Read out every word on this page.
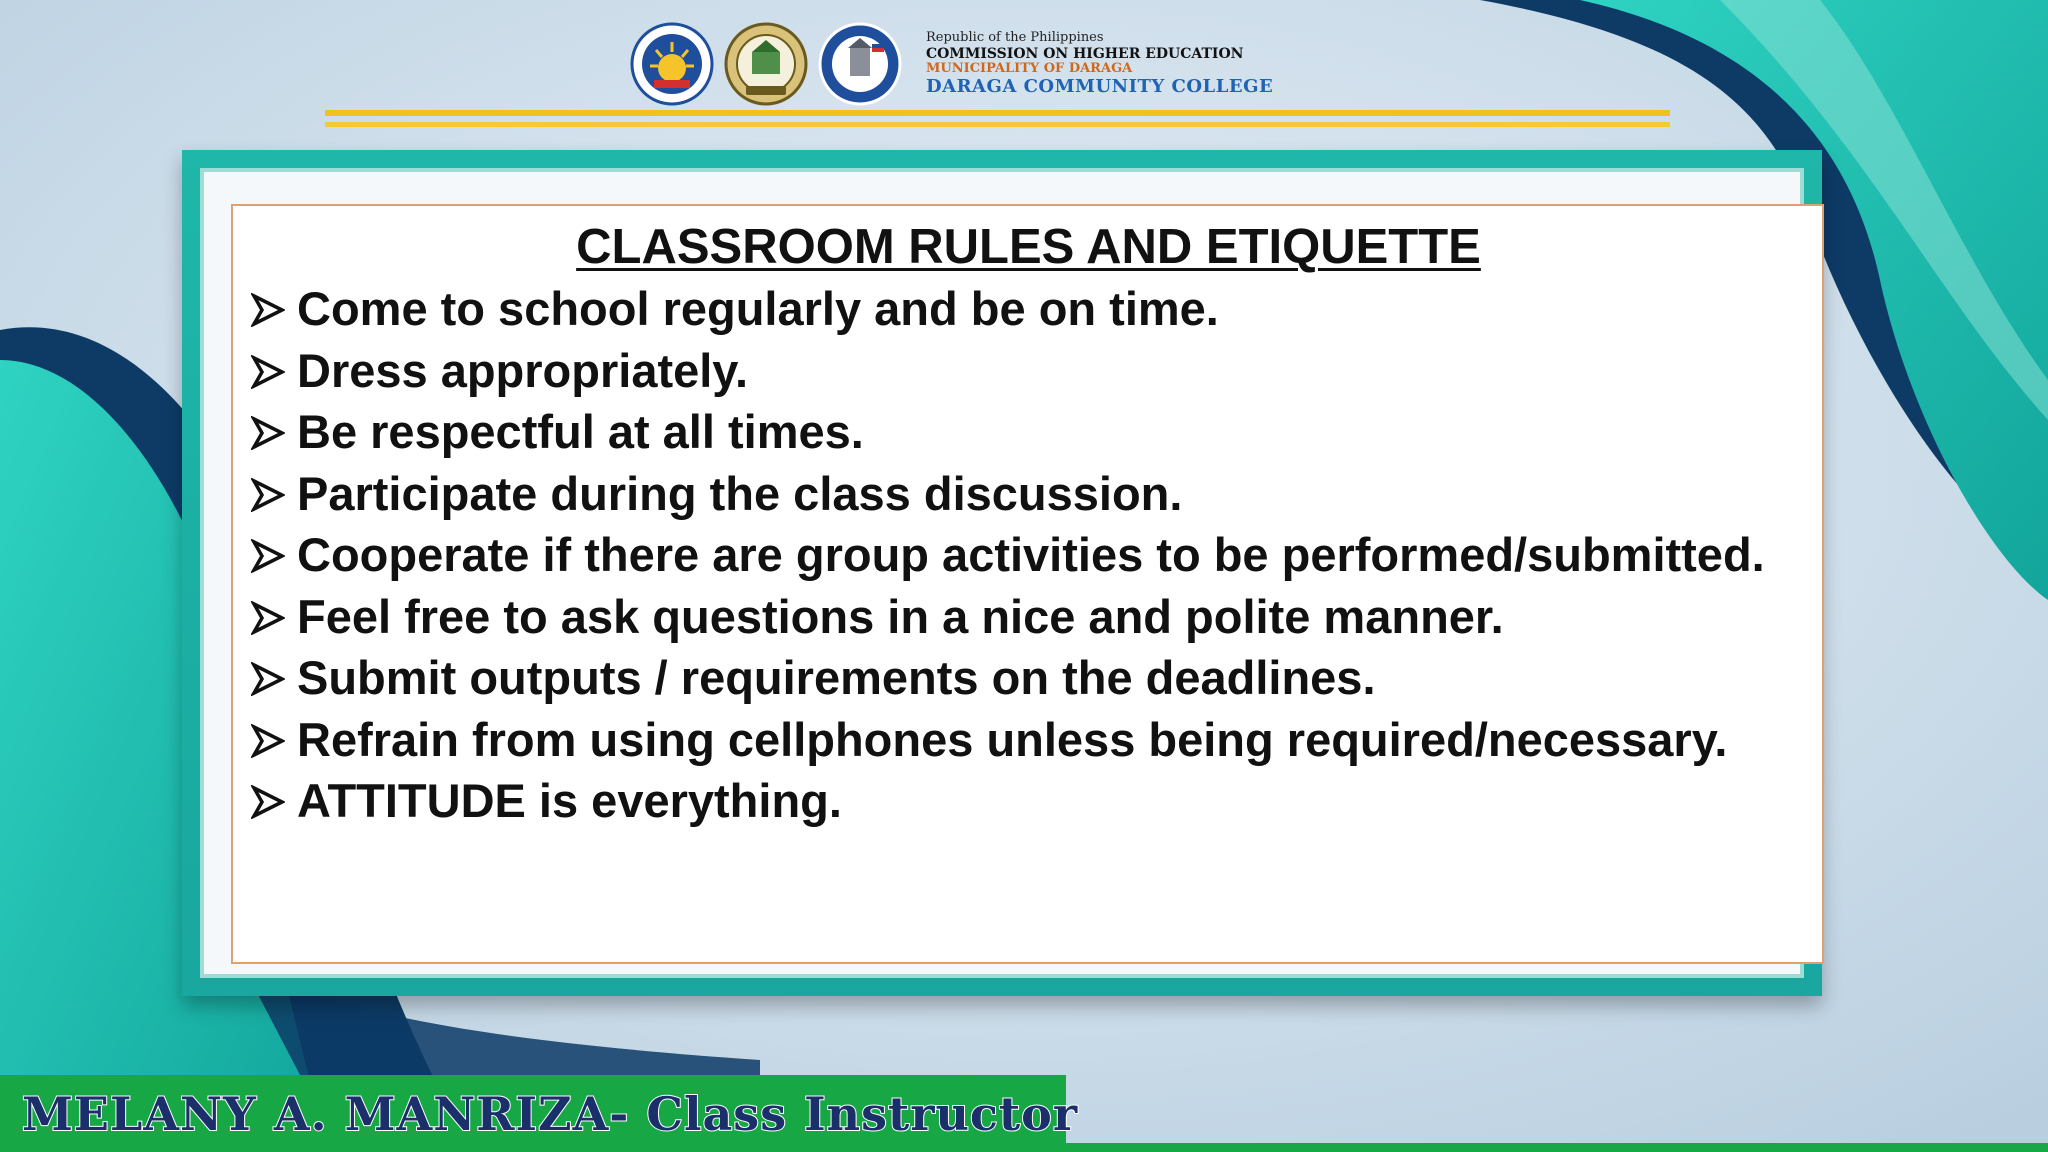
Republic of the Philippines
COMMISSION ON HIGHER EDUCATION
MUNICIPALITY OF DARAGA
DARAGA COMMUNITY COLLEGE
CLASSROOM RULES AND ETIQUETTE
Come to school regularly and be on time.
Dress appropriately.
Be respectful at all times.
Participate during the class discussion.
Cooperate if there are group activities to be performed/submitted.
Feel free to ask questions in a nice and polite manner.
Submit outputs / requirements on the deadlines.
Refrain from using cellphones unless being required/necessary.
ATTITUDE is everything.
MELANY A. MANRIZA- Class Instructor
